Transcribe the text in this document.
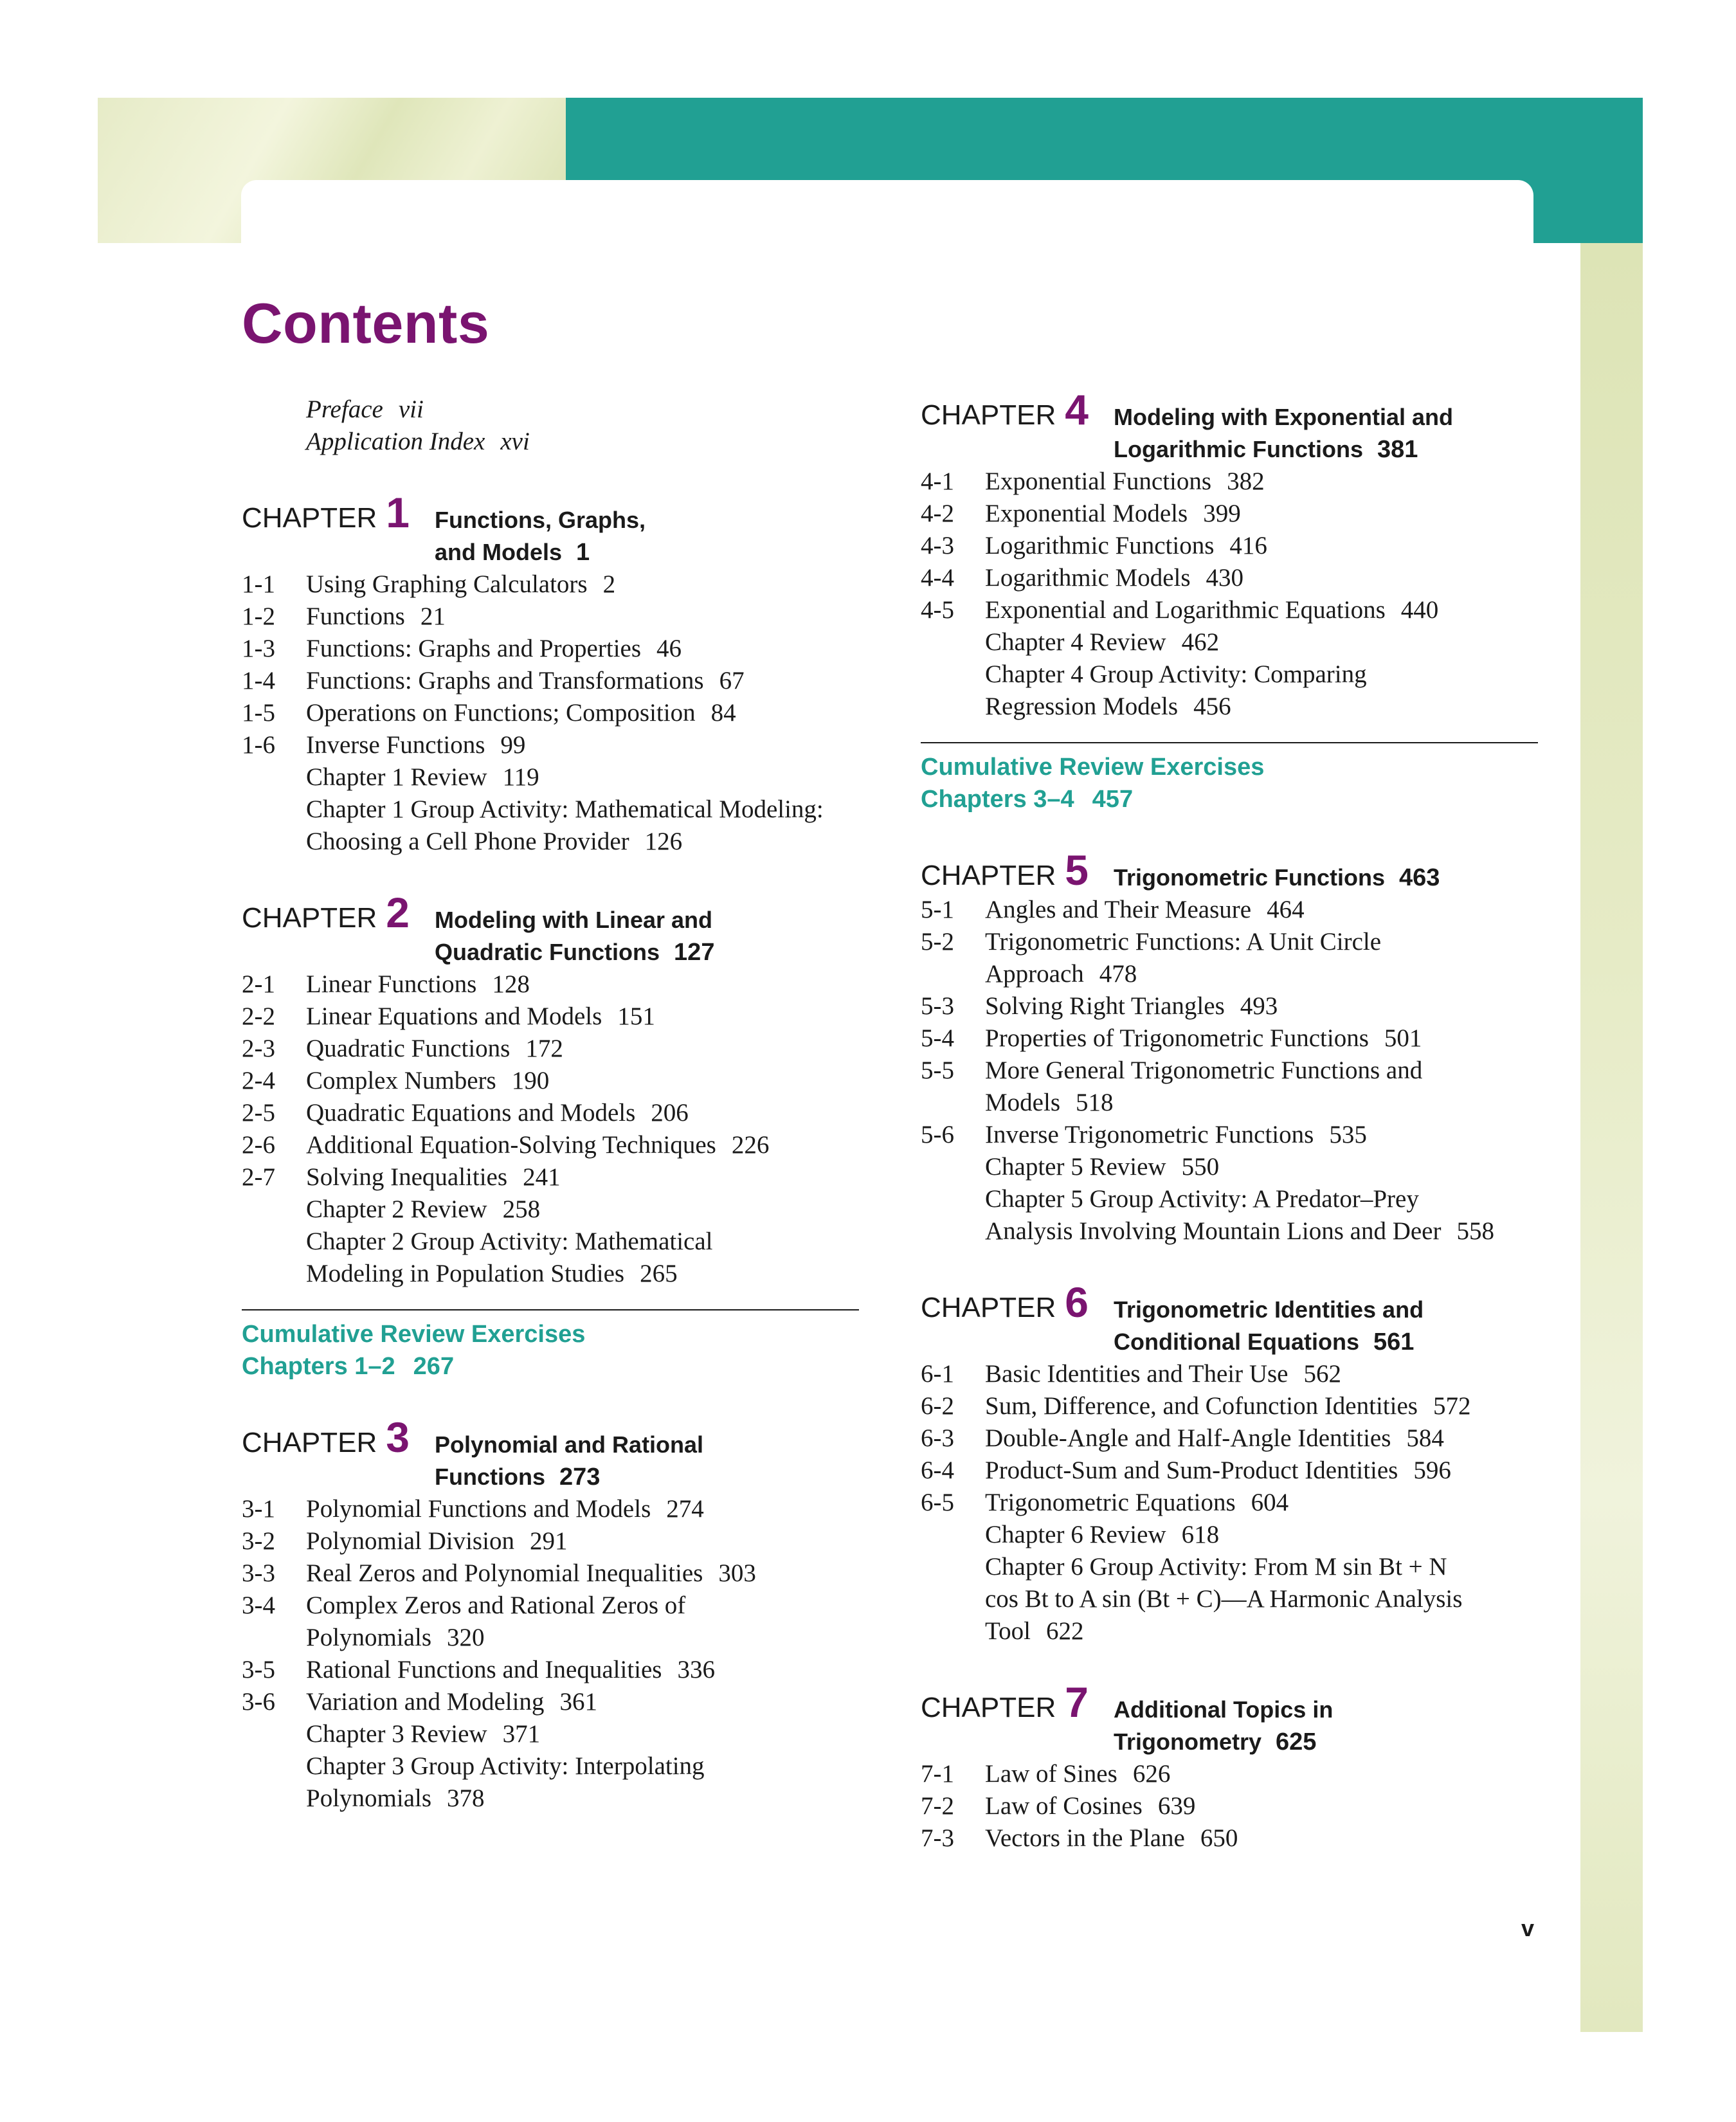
Contents
Preface vii
Application Index xvi
CHAPTER 1 Functions, Graphs,
and Models 1
1-1	Using Graphing Calculators 2
1-2	Functions 21
1-3	Functions: Graphs and Properties 46
1-4	Functions: Graphs and Transformations 67
1-5	Operations on Functions; Composition 84
1-6	Inverse Functions 99
Chapter 1 Review 119
Chapter 1 Group Activity: Mathematical Modeling:
Choosing a Cell Phone Provider 126
CHAPTER 2 Modeling with Linear and
Quadratic Functions 127
2-1	Linear Functions 128
2-2	Linear Equations and Models 151
2-3	Quadratic Functions 172
2-4	Complex Numbers 190
2-5	Quadratic Equations and Models 206
2-6	Additional Equation-Solving Techniques 226
2-7	Solving Inequalities 241
Chapter 2 Review 258
Chapter 2 Group Activity: Mathematical
Modeling in Population Studies 265
Cumulative Review Exercises
Chapters 1–2 267
CHAPTER 3 Polynomial and Rational
Functions 273
3-1	Polynomial Functions and Models 274
3-2	Polynomial Division 291
3-3	Real Zeros and Polynomial Inequalities 303
3-4	Complex Zeros and Rational Zeros of
Polynomials 320
3-5	Rational Functions and Inequalities 336
3-6	Variation and Modeling 361
Chapter 3 Review 371
Chapter 3 Group Activity: Interpolating
Polynomials 378
CHAPTER 4 Modeling with Exponential and
Logarithmic Functions 381
4-1	Exponential Functions 382
4-2	Exponential Models 399
4-3	Logarithmic Functions 416
4-4	Logarithmic Models 430
4-5	Exponential and Logarithmic Equations 440
Chapter 4 Review 462
Chapter 4 Group Activity: Comparing
Regression Models 456
Cumulative Review Exercises
Chapters 3–4 457
CHAPTER 5 Trigonometric Functions 463
5-1	Angles and Their Measure 464
5-2	Trigonometric Functions: A Unit Circle
Approach 478
5-3	Solving Right Triangles 493
5-4	Properties of Trigonometric Functions 501
5-5	More General Trigonometric Functions and
Models 518
5-6	Inverse Trigonometric Functions 535
Chapter 5 Review 550
Chapter 5 Group Activity: A Predator–Prey
Analysis Involving Mountain Lions and Deer 558
CHAPTER 6 Trigonometric Identities and
Conditional Equations 561
6-1	Basic Identities and Their Use 562
6-2	Sum, Difference, and Cofunction Identities 572
6-3	Double-Angle and Half-Angle Identities 584
6-4	Product-Sum and Sum-Product Identities 596
6-5	Trigonometric Equations 604
Chapter 6 Review 618
Chapter 6 Group Activity: From M sin Bt + N
cos Bt to A sin (Bt + C)—A Harmonic Analysis
Tool 622
CHAPTER 7 Additional Topics in
Trigonometry 625
7-1	Law of Sines 626
7-2	Law of Cosines 639
7-3	Vectors in the Plane 650
v
